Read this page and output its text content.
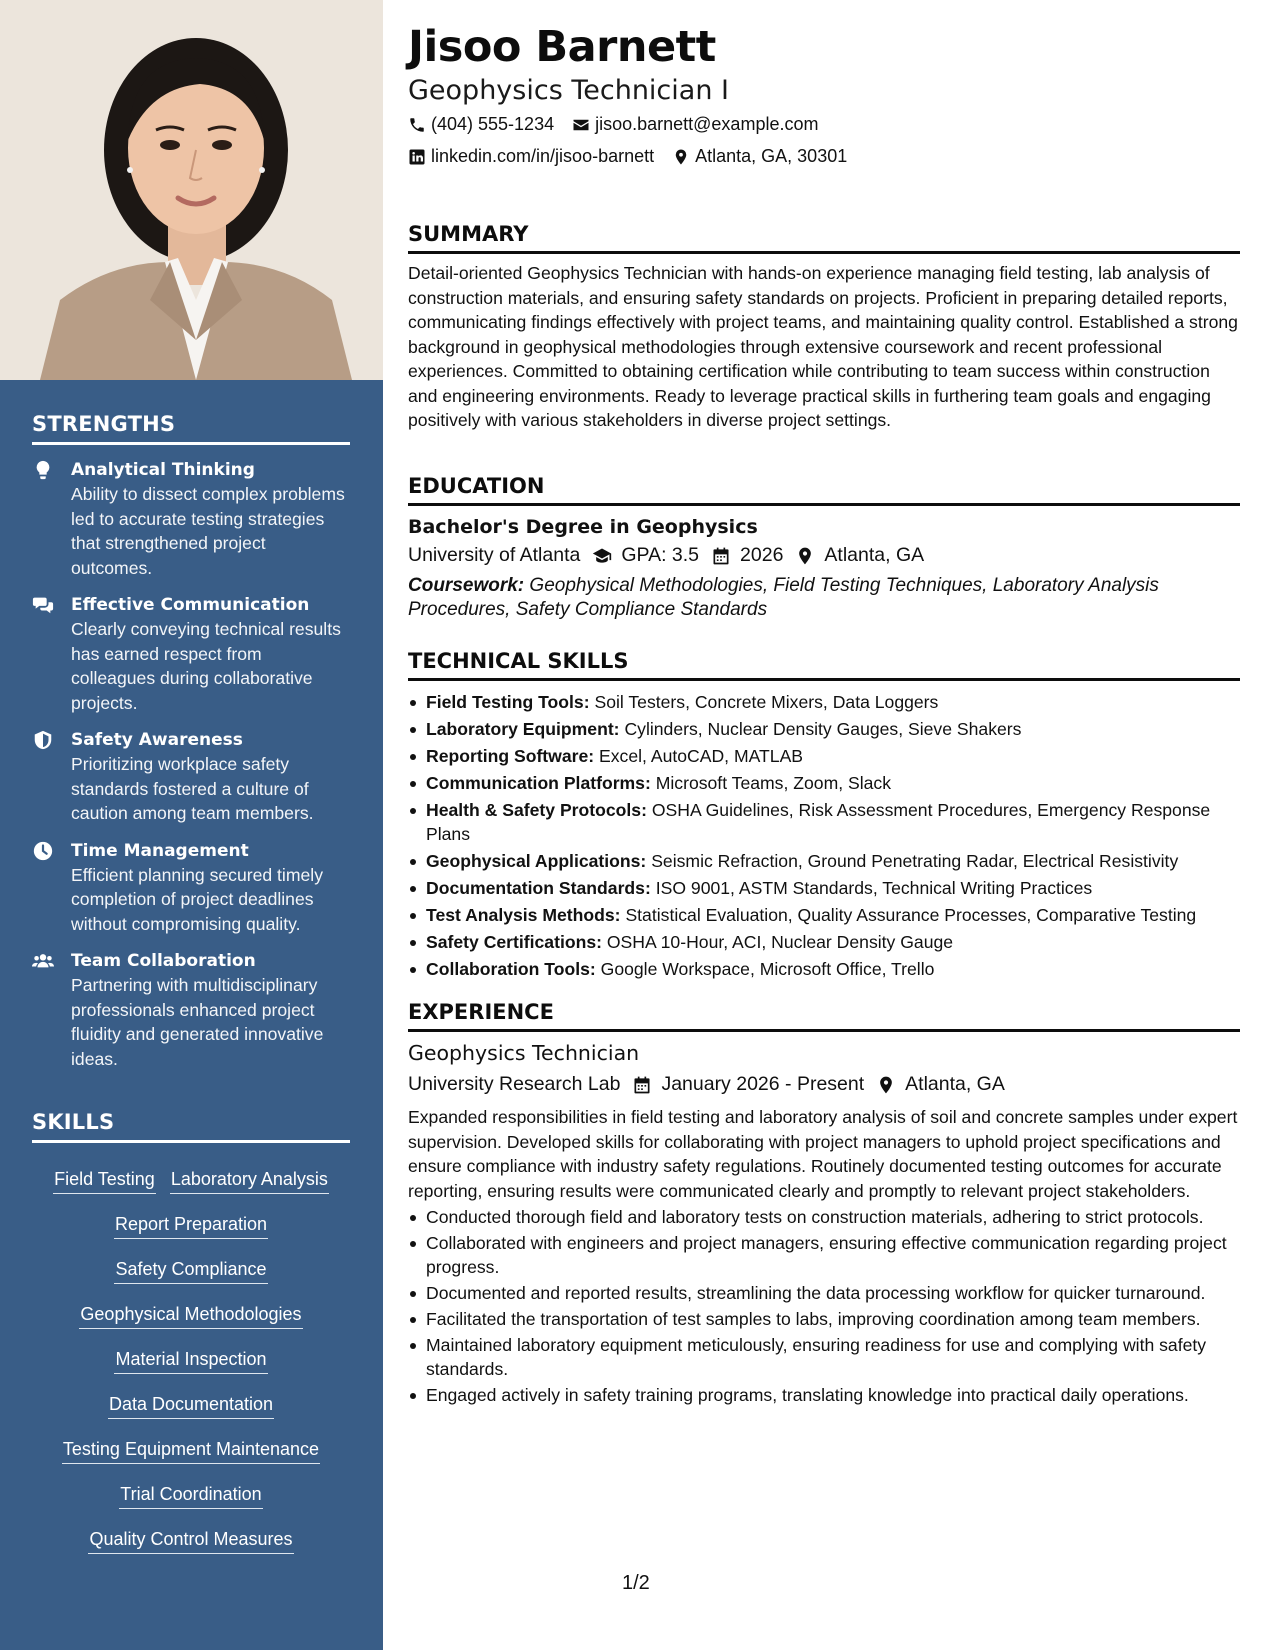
STRENGTHS
Analytical Thinking
Ability to dissect complex problems led to accurate testing strategies that strengthened project outcomes.
Effective Communication
Clearly conveying technical results has earned respect from colleagues during collaborative projects.
Safety Awareness
Prioritizing workplace safety standards fostered a culture of caution among team members.
Time Management
Efficient planning secured timely completion of project deadlines without compromising quality.
Team Collaboration
Partnering with multidisciplinary professionals enhanced project fluidity and generated innovative ideas.
SKILLS
Field Testing Laboratory Analysis
Report Preparation
Safety Compliance
Geophysical Methodologies
Material Inspection
Data Documentation
Testing Equipment Maintenance
Trial Coordination
Quality Control Measures
Jisoo Barnett
Geophysics Technician I
(404) 555-1234 jisoo.barnett@example.com
linkedin.com/in/jisoo-barnett Atlanta, GA, 30301
SUMMARY
Detail-oriented Geophysics Technician with hands-on experience managing field testing, lab analysis of construction materials, and ensuring safety standards on projects. Proficient in preparing detailed reports, communicating findings effectively with project teams, and maintaining quality control. Established a strong background in geophysical methodologies through extensive coursework and recent professional experiences. Committed to obtaining certification while contributing to team success within construction and engineering environments. Ready to leverage practical skills in furthering team goals and engaging positively with various stakeholders in diverse project settings.
EDUCATION
Bachelor's Degree in Geophysics
University of Atlanta GPA: 3.5 2026 Atlanta, GA
Coursework: Geophysical Methodologies, Field Testing Techniques, Laboratory Analysis Procedures, Safety Compliance Standards
TECHNICAL SKILLS
Field Testing Tools: Soil Testers, Concrete Mixers, Data Loggers
Laboratory Equipment: Cylinders, Nuclear Density Gauges, Sieve Shakers
Reporting Software: Excel, AutoCAD, MATLAB
Communication Platforms: Microsoft Teams, Zoom, Slack
Health & Safety Protocols: OSHA Guidelines, Risk Assessment Procedures, Emergency Response Plans
Geophysical Applications: Seismic Refraction, Ground Penetrating Radar, Electrical Resistivity
Documentation Standards: ISO 9001, ASTM Standards, Technical Writing Practices
Test Analysis Methods: Statistical Evaluation, Quality Assurance Processes, Comparative Testing
Safety Certifications: OSHA 10-Hour, ACI, Nuclear Density Gauge
Collaboration Tools: Google Workspace, Microsoft Office, Trello
EXPERIENCE
Geophysics Technician
University Research Lab January 2026 - Present Atlanta, GA
Expanded responsibilities in field testing and laboratory analysis of soil and concrete samples under expert supervision. Developed skills for collaborating with project managers to uphold project specifications and ensure compliance with industry safety regulations. Routinely documented testing outcomes for accurate reporting, ensuring results were communicated clearly and promptly to relevant project stakeholders.
Conducted thorough field and laboratory tests on construction materials, adhering to strict protocols.
Collaborated with engineers and project managers, ensuring effective communication regarding project progress.
Documented and reported results, streamlining the data processing workflow for quicker turnaround.
Facilitated the transportation of test samples to labs, improving coordination among team members.
Maintained laboratory equipment meticulously, ensuring readiness for use and complying with safety standards.
Engaged actively in safety training programs, translating knowledge into practical daily operations.
1/2
